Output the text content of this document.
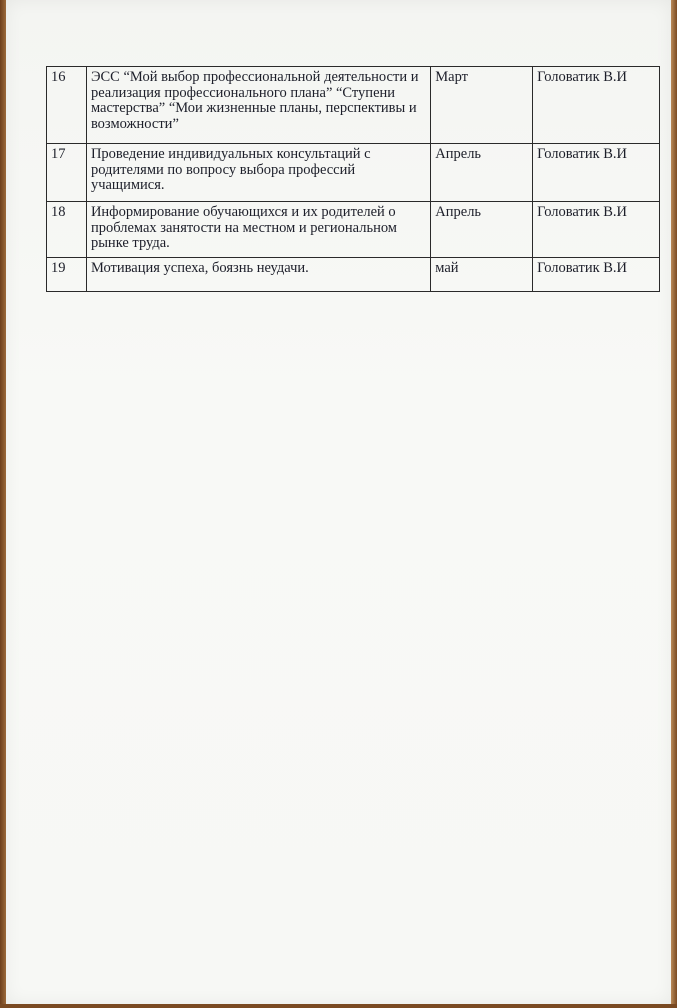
16	ЭСС “Мой выбор профессиональной деятельности и реализация профессионального плана” “Ступени мастерства” “Мои жизненные планы, перспективы и возможности”	Март	Головатик В.И
17	Проведение индивидуальных консультаций с родителями по вопросу выбора профессий учащимися.	Апрель	Головатик В.И
18	Информирование обучающихся и их родителей о проблемах занятости на местном и региональном рынке труда.	Апрель	Головатик В.И
19	Мотивация успеха, боязнь неудачи.	май	Головатик В.И
